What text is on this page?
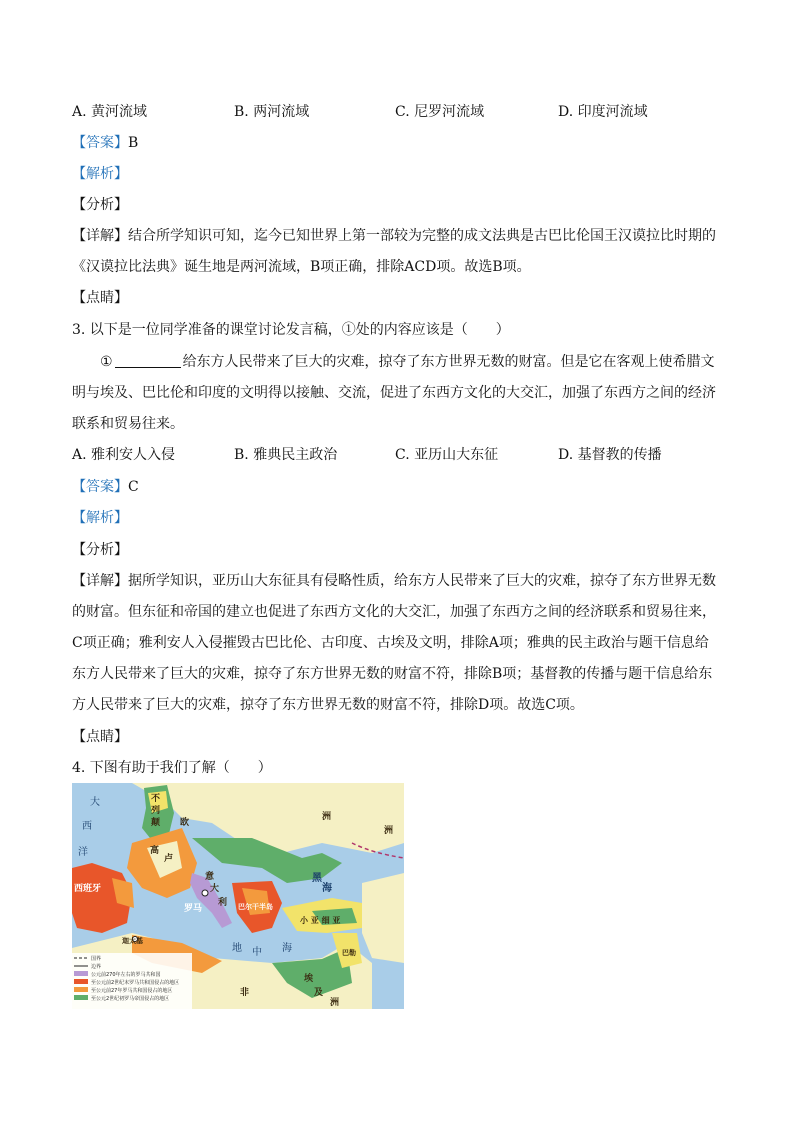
A. 黄河流域	B. 两河流域	C. 尼罗河流域	D. 印度河流域
【答案】B
【解析】
【分析】
【详解】结合所学知识可知，迄今已知世界上第一部较为完整的成文法典是古巴比伦国王汉谟拉比时期的《汉谟拉比法典》诞生地是两河流域，B项正确，排除ACD项。故选B项。
【点睛】
3. 以下是一位同学准备的课堂讨论发言稿，①处的内容应该是（　　）
①	给东方人民带来了巨大的灾难，掠夺了东方世界无数的财富。但是它在客观上使希腊文明与埃及、巴比伦和印度的文明得以接触、交流，促进了东西方文化的大交汇，加强了东西方之间的经济联系和贸易往来。
A. 雅利安人入侵	B. 雅典民主政治	C. 亚历山大东征	D. 基督教的传播
【答案】C
【解析】
【分析】
【详解】据所学知识，亚历山大东征具有侵略性质，给东方人民带来了巨大的灾难，掠夺了东方世界无数的财富。但东征和帝国的建立也促进了东西方文化的大交汇，加强了东西方之间的经济联系和贸易往来，C项正确；雅利安人入侵摧毁古巴比伦、古印度、古埃及文明，排除A项；雅典的民主政治与题干信息给东方人民带来了巨大的灾难，掠夺了东方世界无数的财富不符，排除B项；基督教的传播与题干信息给东方人民带来了巨大的灾难，掠夺了东方世界无数的财富不符，排除D项。故选C项。
【点睛】
4. 下图有助于我们了解（　　）
大
西
洋
黑
海
地 中 海
不
列
颠 欧
高
卢
洲
西班牙
罗马
意
大
利 巴尔干半岛
小 亚 细 亚
迦太基
洲
巴勒
非
埃
及
洲
国界
边界
公元前270年左右的罗马共和国
至公元前2世纪末罗马共和国侵占的地区
至公元前27年罗马共和国侵占的地区
至公元2世纪初罗马帝国侵占的地区
